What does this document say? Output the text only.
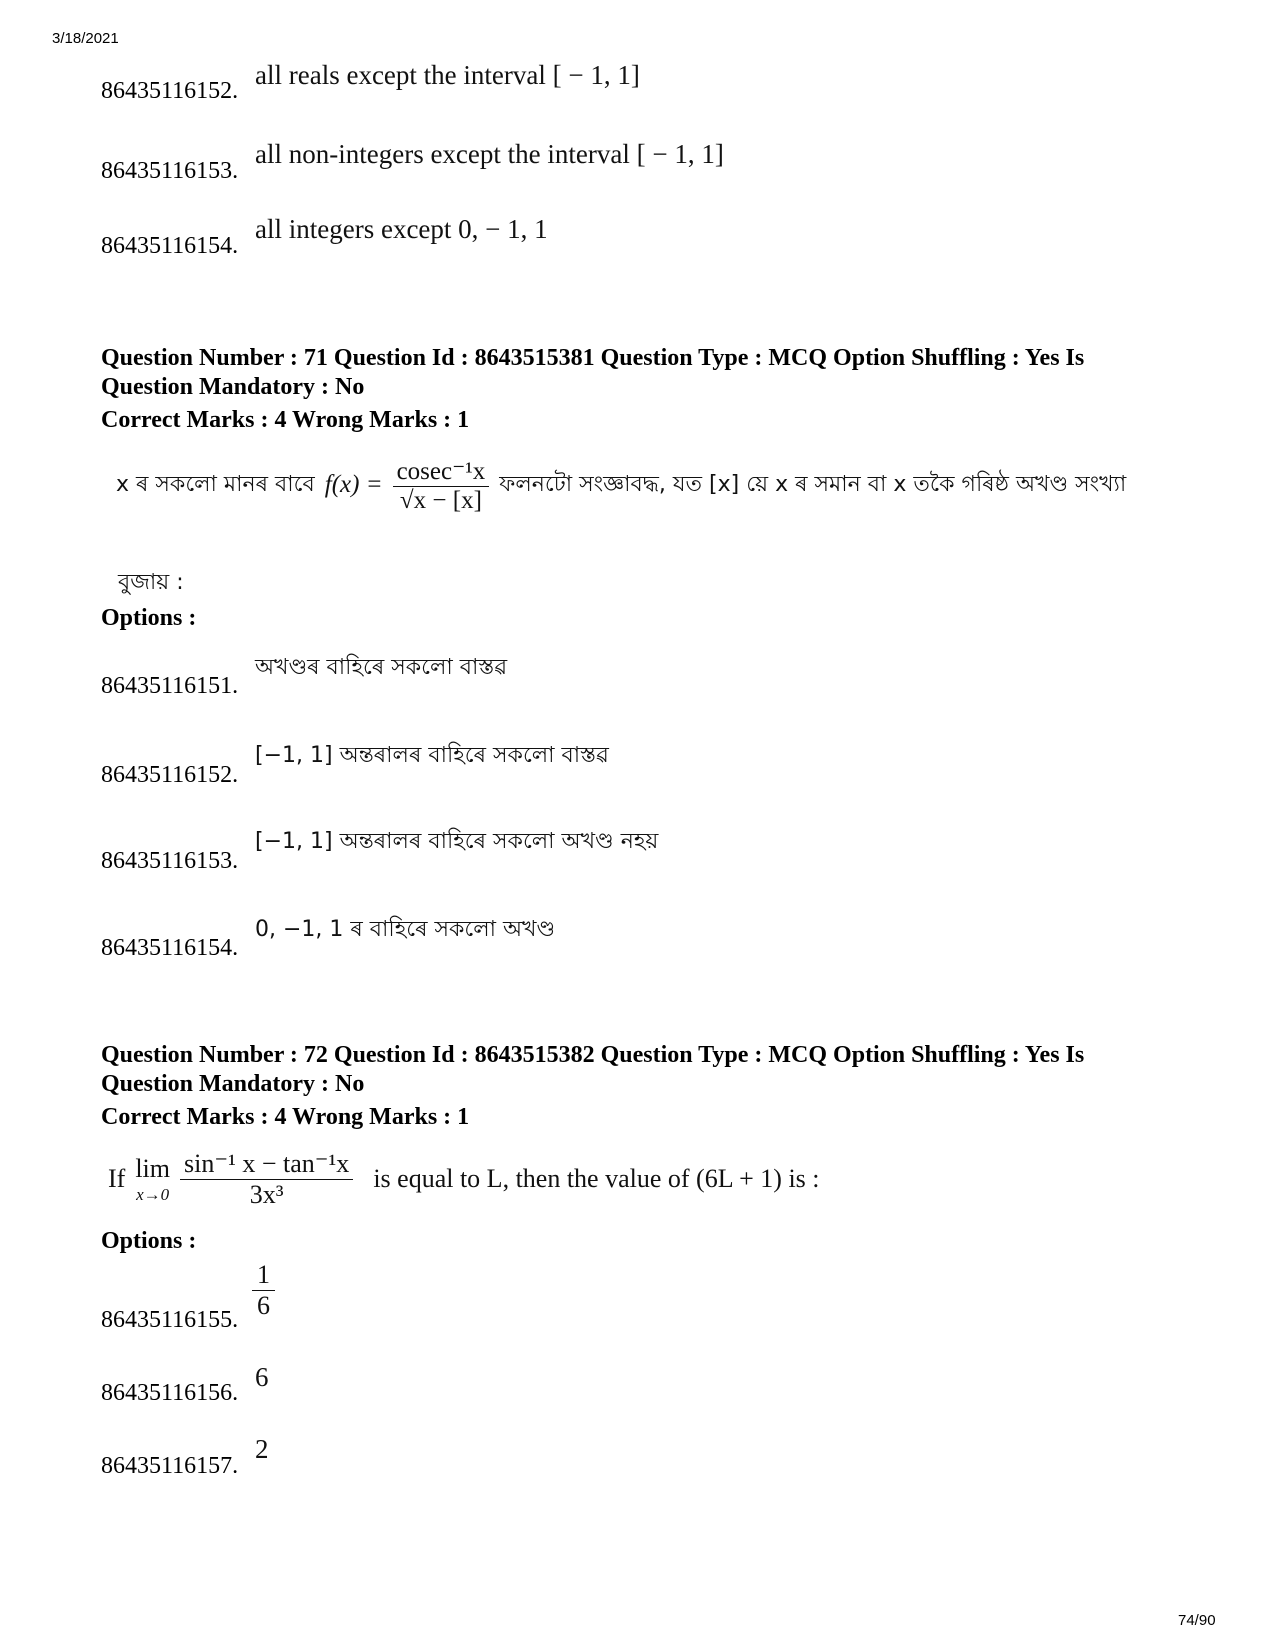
3/18/2021
86435116152.
all reals except the interval [ − 1, 1]
86435116153.
all non-integers except the interval [ − 1, 1]
86435116154.
all integers except 0, − 1, 1
Question Number : 71 Question Id : 8643515381 Question Type : MCQ Option Shuffling : Yes Is
Question Mandatory : No
Correct Marks : 4 Wrong Marks : 1
x ৰ সকলো মানৰ বাবে $f(x) = \frac{\text{cosec⁻¹x}}{√x - [x]}$ ফলনটো সংজ্ঞাবদ্ধ, যত [x] য়ে x ৰ সমান বা x তকৈ গৰিষ্ঠ অখণ্ড সংখ্যা
বুজায় :
Options :
86435116151.
অখণ্ডৰ বাহিৰে সকলো বাস্তৱ
86435116152.
[−1, 1] অন্তৰালৰ বাহিৰে সকলো বাস্তৱ
86435116153.
[−1, 1] অন্তৰালৰ বাহিৰে সকলো অখণ্ড নহয়
86435116154.
0, −1, 1 ৰ বাহিৰে সকলো অখণ্ড
Question Number : 72 Question Id : 8643515382 Question Type : MCQ Option Shuffling : Yes Is
Question Mandatory : No
Correct Marks : 4 Wrong Marks : 1
If lim
$x\to 0 \frac{\text{sin⁻¹ x − tan⁻¹x}}{\text{3x³}}$ is equal to L, then the value of (6L + 1) is :
Options :
86435116155. $\frac{1}{6}$
86435116156.
6
86435116157.
2
74/90
